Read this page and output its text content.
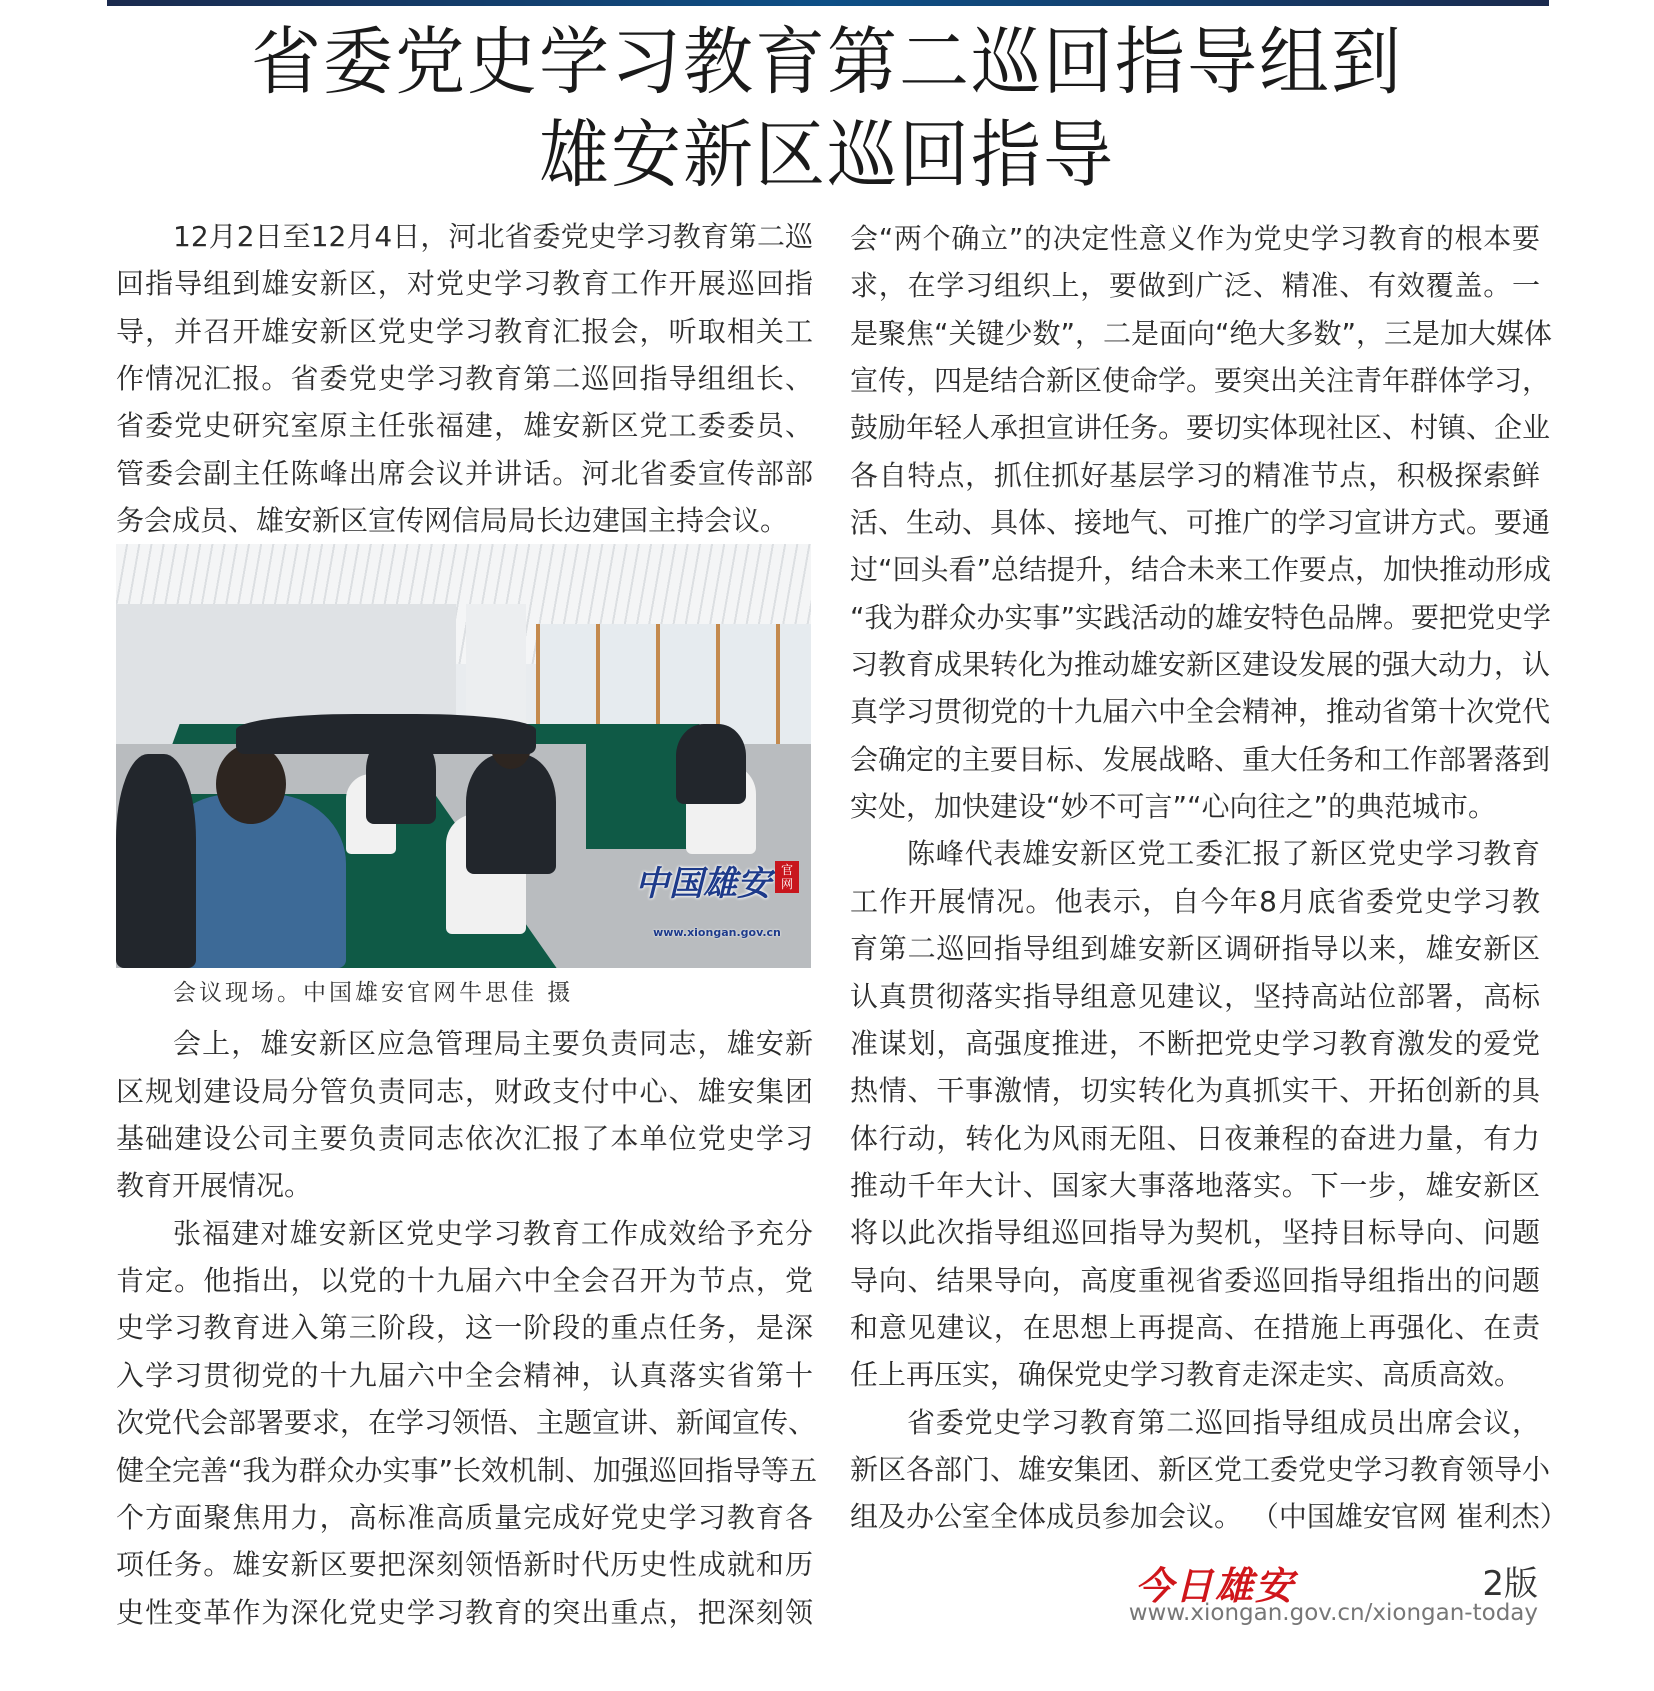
省委党史学习教育第二巡回指导组到
雄安新区巡回指导
12月2日至12月4日，河北省委党史学习教育第二巡
回指导组到雄安新区，对党史学习教育工作开展巡回指
导，并召开雄安新区党史学习教育汇报会，听取相关工
作情况汇报。省委党史学习教育第二巡回指导组组长、
省委党史研究室原主任张福建，雄安新区党工委委员、
管委会副主任陈峰出席会议并讲话。河北省委宣传部部
务会成员、雄安新区宣传网信局局长边建国主持会议。
中国雄安 官网
www.xiongan.gov.cn
会议现场。中国雄安官网牛思佳 摄
会上，雄安新区应急管理局主要负责同志，雄安新
区规划建设局分管负责同志，财政支付中心、雄安集团
基础建设公司主要负责同志依次汇报了本单位党史学习
教育开展情况。
张福建对雄安新区党史学习教育工作成效给予充分
肯定。他指出，以党的十九届六中全会召开为节点，党
史学习教育进入第三阶段，这一阶段的重点任务，是深
入学习贯彻党的十九届六中全会精神，认真落实省第十
次党代会部署要求，在学习领悟、主题宣讲、新闻宣传、
健全完善“我为群众办实事”长效机制、加强巡回指导等五
个方面聚焦用力，高标准高质量完成好党史学习教育各
项任务。雄安新区要把深刻领悟新时代历史性成就和历
史性变革作为深化党史学习教育的突出重点，把深刻领
会“两个确立”的决定性意义作为党史学习教育的根本要
求，在学习组织上，要做到广泛、精准、有效覆盖。一
是聚焦“关键少数”，二是面向“绝大多数”，三是加大媒体
宣传，四是结合新区使命学。要突出关注青年群体学习，
鼓励年轻人承担宣讲任务。要切实体现社区、村镇、企业
各自特点，抓住抓好基层学习的精准节点，积极探索鲜
活、生动、具体、接地气、可推广的学习宣讲方式。要通
过“回头看”总结提升，结合未来工作要点，加快推动形成
“我为群众办实事”实践活动的雄安特色品牌。要把党史学
习教育成果转化为推动雄安新区建设发展的强大动力，认
真学习贯彻党的十九届六中全会精神，推动省第十次党代
会确定的主要目标、发展战略、重大任务和工作部署落到
实处，加快建设“妙不可言”“心向往之”的典范城市。
陈峰代表雄安新区党工委汇报了新区党史学习教育
工作开展情况。他表示，自今年8月底省委党史学习教
育第二巡回指导组到雄安新区调研指导以来，雄安新区
认真贯彻落实指导组意见建议，坚持高站位部署，高标
准谋划，高强度推进，不断把党史学习教育激发的爱党
热情、干事激情，切实转化为真抓实干、开拓创新的具
体行动，转化为风雨无阻、日夜兼程的奋进力量，有力
推动千年大计、国家大事落地落实。下一步，雄安新区
将以此次指导组巡回指导为契机，坚持目标导向、问题
导向、结果导向，高度重视省委巡回指导组指出的问题
和意见建议，在思想上再提高、在措施上再强化、在责
任上再压实，确保党史学习教育走深走实、高质高效。
省委党史学习教育第二巡回指导组成员出席会议，
新区各部门、雄安集团、新区党工委党史学习教育领导小
组及办公室全体成员参加会议。 （中国雄安官网 崔利杰）
今日雄安	2版
www.xiongan.gov.cn/xiongan-today
